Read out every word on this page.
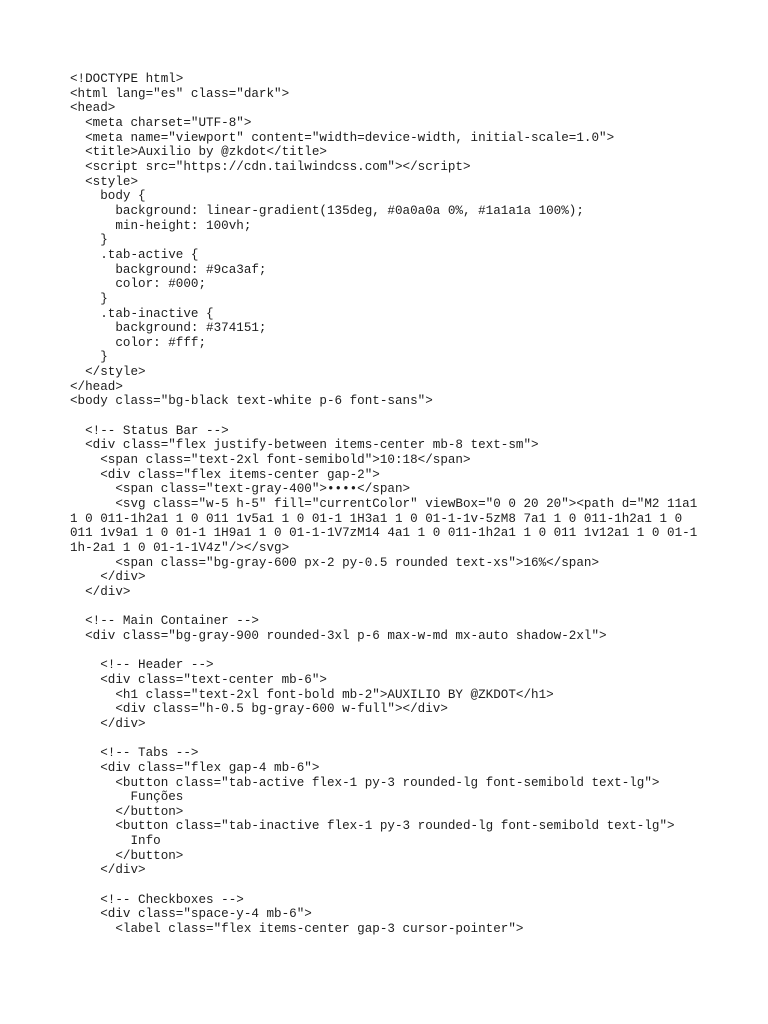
<!DOCTYPE html>
<html lang="es" class="dark">
<head>
<meta charset="UTF-8">
<meta name="viewport" content="width=device-width, initial-scale=1.0">
<title>Auxilio by @zkdot</title>
<script src="https://cdn.tailwindcss.com"></script>
<style>
body {
background: linear-gradient(135deg, #0a0a0a 0%, #1a1a1a 100%);
min-height: 100vh;
}
.tab-active {
background: #9ca3af;
color: #000;
}
.tab-inactive {
background: #374151;
color: #fff;
}
</style>
</head>
<body class="bg-black text-white p-6 font-sans">
<!-- Status Bar -->
<div class="flex justify-between items-center mb-8 text-sm">
<span class="text-2xl font-semibold">10:18</span>
<div class="flex items-center gap-2">
<span class="text-gray-400">••••</span>
<svg class="w-5 h-5" fill="currentColor" viewBox="0 0 20 20"><path d="M2 11a1
1 0 011-1h2a1 1 0 011 1v5a1 1 0 01-1 1H3a1 1 0 01-1-1v-5zM8 7a1 1 0 011-1h2a1 1 0
011 1v9a1 1 0 01-1 1H9a1 1 0 01-1-1V7zM14 4a1 1 0 011-1h2a1 1 0 011 1v12a1 1 0 01-1
1h-2a1 1 0 01-1-1V4z"/></svg>
<span class="bg-gray-600 px-2 py-0.5 rounded text-xs">16%</span>
</div>
</div>
<!-- Main Container -->
<div class="bg-gray-900 rounded-3xl p-6 max-w-md mx-auto shadow-2xl">
<!-- Header -->
<div class="text-center mb-6">
<h1 class="text-2xl font-bold mb-2">AUXILIO BY @ZKDOT</h1>
<div class="h-0.5 bg-gray-600 w-full"></div>
</div>
<!-- Tabs -->
<div class="flex gap-4 mb-6">
<button class="tab-active flex-1 py-3 rounded-lg font-semibold text-lg">
Funções
</button>
<button class="tab-inactive flex-1 py-3 rounded-lg font-semibold text-lg">
Info
</button>
</div>
<!-- Checkboxes -->
<div class="space-y-4 mb-6">
<label class="flex items-center gap-3 cursor-pointer">
